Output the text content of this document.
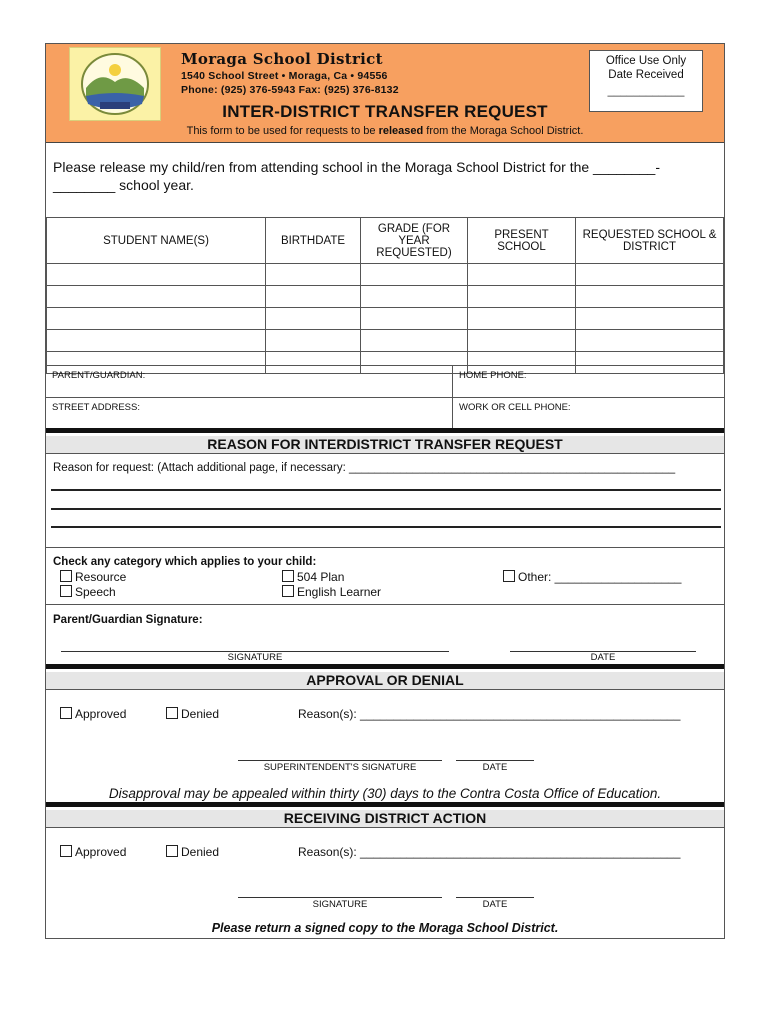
Moraga School District
1540 School Street • Moraga, Ca • 94556
Phone: (925) 376-5943 Fax: (925) 376-8132
Office Use Only
Date Received
____________
INTER-DISTRICT TRANSFER REQUEST
This form to be used for requests to be released from the Moraga School District.
Please release my child/ren from attending school in the Moraga School District for the ________-________ school year.
STUDENT NAME(S)	BIRTHDATE	GRADE (FOR YEAR REQUESTED)	PRESENT SCHOOL	REQUESTED SCHOOL & DISTRICT

PARENT/GUARDIAN:	HOME PHONE:
STREET ADDRESS:	WORK OR CELL PHONE:
REASON FOR INTERDISTRICT TRANSFER REQUEST
Reason for request: (Attach additional page, if necessary: ___________________________________________________
Check any category which applies to your child:
Resource
Speech
504 Plan
English Learner
Other: ___________________
Parent/Guardian Signature:
SIGNATURE	DATE
APPROVAL OR DENIAL
Approved	Denied	Reason(s): ________________________________________________
SUPERINTENDENT'S SIGNATURE	DATE
Disapproval may be appealed within thirty (30) days to the Contra Costa Office of Education.
RECEIVING DISTRICT ACTION
Approved	Denied	Reason(s): ________________________________________________
SIGNATURE	DATE
Please return a signed copy to the Moraga School District.
